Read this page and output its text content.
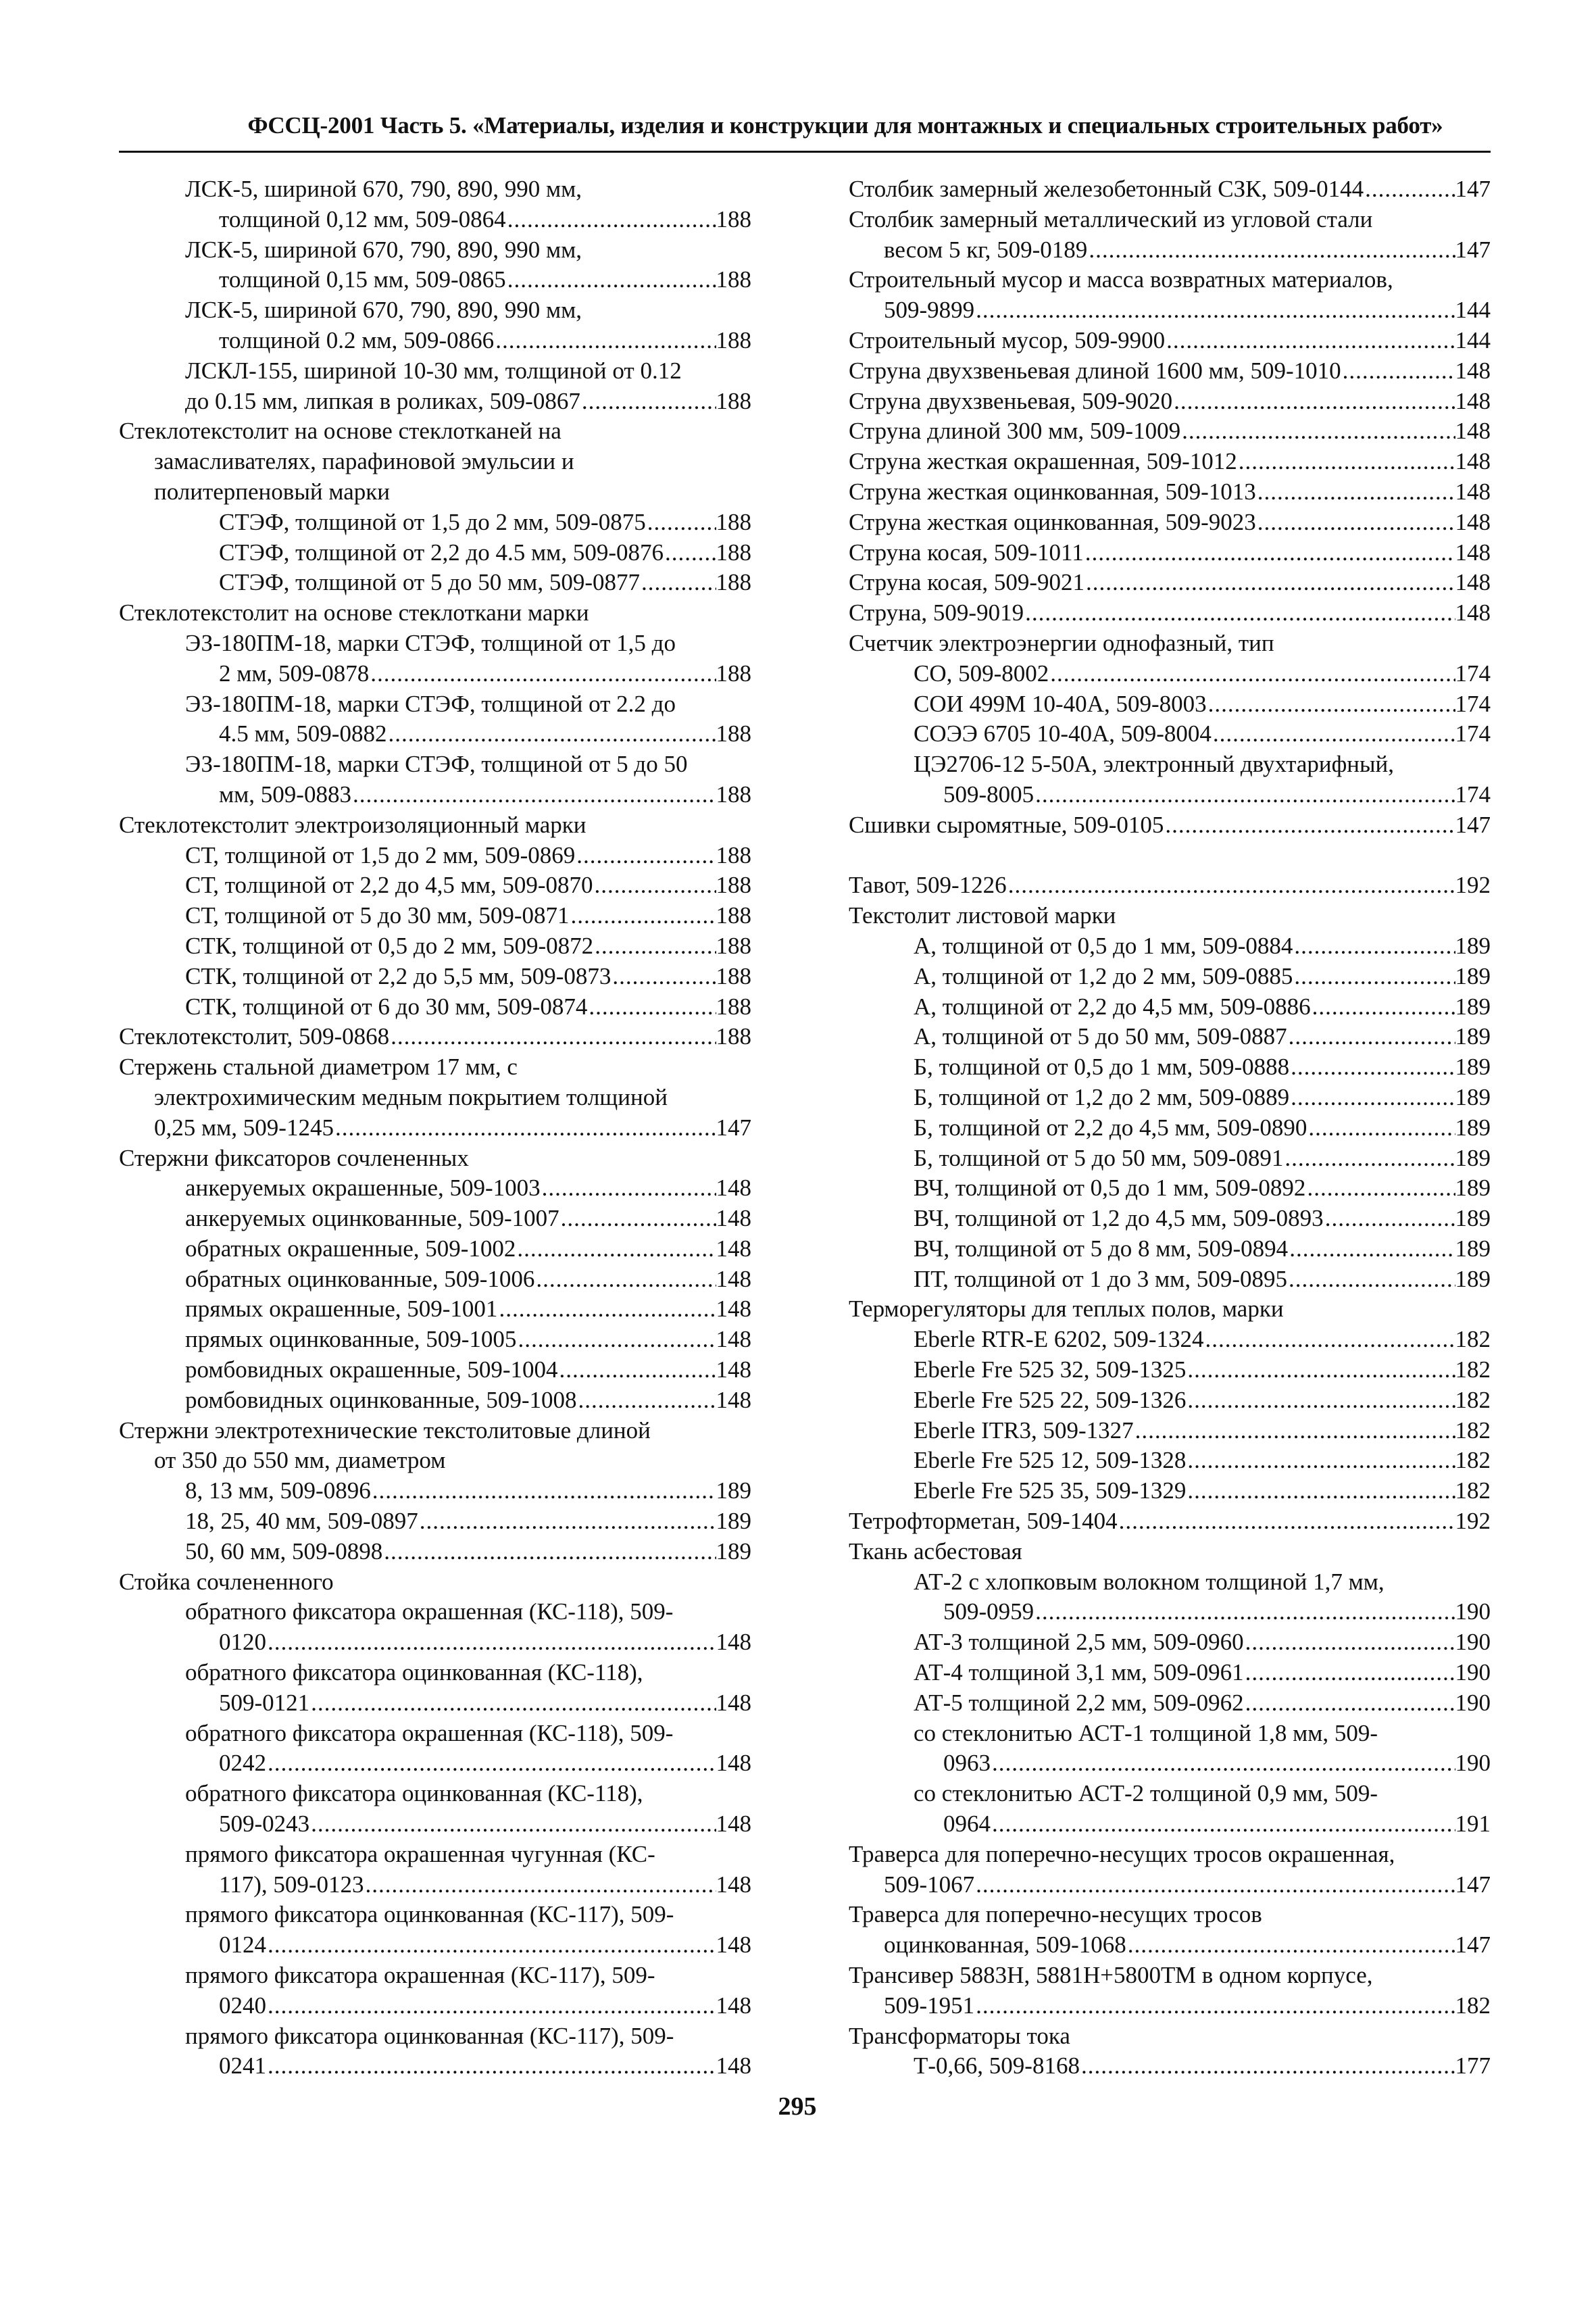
ФССЦ-2001 Часть 5. «Материалы, изделия и конструкции для монтажных и специальных строительных работ»
ЛСК-5, шириной 670, 790, 890, 990 мм,
толщиной 0,12 мм, 509-0864 .....	188
ЛСК-5, шириной 670, 790, 890, 990 мм,
толщиной 0,15 мм, 509-0865 .....	188
ЛСК-5, шириной 670, 790, 890, 990 мм,
толщиной 0.2 мм, 509-0866 .....	188
ЛСКЛ-155, шириной 10-30 мм, толщиной от 0.12
до 0.15 мм, липкая в роликах, 509-0867 .....	188
Стеклотекстолит на основе стеклотканей на
замасливателях, парафиновой эмульсии и
политерпеновый марки
СТЭФ, толщиной от 1,5 до 2 мм, 509-0875 .....	188
СТЭФ, толщиной от 2,2 до 4.5 мм, 509-0876 ..... 188
СТЭФ, толщиной от 5 до 50 мм, 509-0877 .....	188
Стеклотекстолит на основе стеклоткани марки
ЭЗ-180ПМ-18, марки СТЭФ, толщиной от 1,5 до
2 мм, 509-0878 .....	188
ЭЗ-180ПМ-18, марки СТЭФ, толщиной от 2.2 до
4.5 мм, 509-0882 .....	188
ЭЗ-180ПМ-18, марки СТЭФ, толщиной от 5 до 50
мм, 509-0883 .....	188
Стеклотекстолит электроизоляционный марки
СТ, толщиной от 1,5 до 2 мм, 509-0869 .....	188
СТ, толщиной от 2,2 до 4,5 мм, 509-0870 .....	188
СТ, толщиной от 5 до 30 мм, 509-0871 .....	188
СТК, толщиной от 0,5 до 2 мм, 509-0872 .....	188
СТК, толщиной от 2,2 до 5,5 мм, 509-0873 .....	188
СТК, толщиной от 6 до 30 мм, 509-0874 .....	188
Стеклотекстолит, 509-0868 .....	188
Стержень стальной диаметром 17 мм, с
электрохимическим медным покрытием толщиной
0,25 мм, 509-1245 .....	147
Стержни фиксаторов сочлененных
анкеруемых окрашенные, 509-1003 .....	148
анкеруемых оцинкованные, 509-1007 .....	148
обратных окрашенные, 509-1002 .....	148
обратных оцинкованные, 509-1006 .....	148
прямых окрашенные, 509-1001 .....	148
прямых оцинкованные, 509-1005 .....	148
ромбовидных окрашенные, 509-1004 .....	148
ромбовидных оцинкованные, 509-1008 .....	148
Стержни электротехнические текстолитовые длиной
от 350 до 550 мм, диаметром
8, 13 мм, 509-0896 .....	189
18, 25, 40 мм, 509-0897 .....	189
50, 60 мм, 509-0898 .....	189
Стойка сочлененного
обратного фиксатора окрашенная (КС-118), 509-
0120 .....	148
обратного фиксатора оцинкованная (КС-118),
509-0121 .....	148
обратного фиксатора окрашенная (КС-118), 509-
0242 .....	148
обратного фиксатора оцинкованная (КС-118),
509-0243 .....	148
прямого фиксатора окрашенная чугунная (КС-
117), 509-0123 .....	148
прямого фиксатора оцинкованная (КС-117), 509-
0124 .....	148
прямого фиксатора окрашенная (КС-117), 509-
0240 .....	148
прямого фиксатора оцинкованная (КС-117), 509-
0241 .....	148
Столбик замерный железобетонный СЗК, 509-0144 .....	147
Столбик замерный металлический из угловой стали
весом 5 кг, 509-0189 .....	147
Строительный мусор и масса возвратных материалов,
509-9899 .....	144
Строительный мусор, 509-9900 .....	144
Струна двухзвеньевая длиной 1600 мм, 509-1010 .....	148
Струна двухзвеньевая, 509-9020 .....	148
Струна длиной 300 мм, 509-1009 .....	148
Струна жесткая окрашенная, 509-1012 .....	148
Струна жесткая оцинкованная, 509-1013 .....	148
Струна жесткая оцинкованная, 509-9023 .....	148
Струна косая, 509-1011 .....	148
Струна косая, 509-9021 .....	148
Струна, 509-9019 .....	148
Счетчик электроэнергии однофазный, тип
СО, 509-8002 .....	174
СОИ 499М 10-40А, 509-8003 .....	174
СОЭЭ 6705 10-40А, 509-8004 .....	174
ЦЭ2706-12 5-50А, электронный двухтарифный,
509-8005 .....	174
Сшивки сыромятные, 509-0105 .....	147
Тавот, 509-1226 .....	192
Текстолит листовой марки
А, толщиной от 0,5 до 1 мм, 509-0884 .....	189
А, толщиной от 1,2 до 2 мм, 509-0885 .....	189
А, толщиной от 2,2 до 4,5 мм, 509-0886 .....	189
А, толщиной от 5 до 50 мм, 509-0887 .....	189
Б, толщиной от 0,5 до 1 мм, 509-0888 .....	189
Б, толщиной от 1,2 до 2 мм, 509-0889 .....	189
Б, толщиной от 2,2 до 4,5 мм, 509-0890 .....	189
Б, толщиной от 5 до 50 мм, 509-0891 .....	189
ВЧ, толщиной от 0,5 до 1 мм, 509-0892 .....	189
ВЧ, толщиной от 1,2 до 4,5 мм, 509-0893 .....	189
ВЧ, толщиной от 5 до 8 мм, 509-0894 .....	189
ПТ, толщиной от 1 до 3 мм, 509-0895 .....	189
Терморегуляторы для теплых полов, марки
Eberle RTR-E 6202, 509-1324 .....	182
Eberle Fre 525 32, 509-1325 .....	182
Eberle Fre 525 22, 509-1326 .....	182
Eberle ITR3, 509-1327 .....	182
Eberle Fre 525 12, 509-1328 .....	182
Eberle Fre 525 35, 509-1329 .....	182
Тетрофторметан, 509-1404 .....	192
Ткань асбестовая
АТ-2 с хлопковым волокном толщиной 1,7 мм,
509-0959 .....	190
АТ-3 толщиной 2,5 мм, 509-0960 .....	190
АТ-4 толщиной 3,1 мм, 509-0961 .....	190
АТ-5 толщиной 2,2 мм, 509-0962 .....	190
со стеклонитью АСТ-1 толщиной 1,8 мм, 509-
0963 .....	190
со стеклонитью АСТ-2 толщиной 0,9 мм, 509-
0964 .....	191
Траверса для поперечно-несущих тросов окрашенная,
509-1067 .....	147
Траверса для поперечно-несущих тросов
оцинкованная, 509-1068 .....	147
Трансивер 5883Н, 5881Н+5800ТМ в одном корпусе,
509-1951 .....	182
Трансформаторы тока
Т-0,66, 509-8168 .....	177
295
